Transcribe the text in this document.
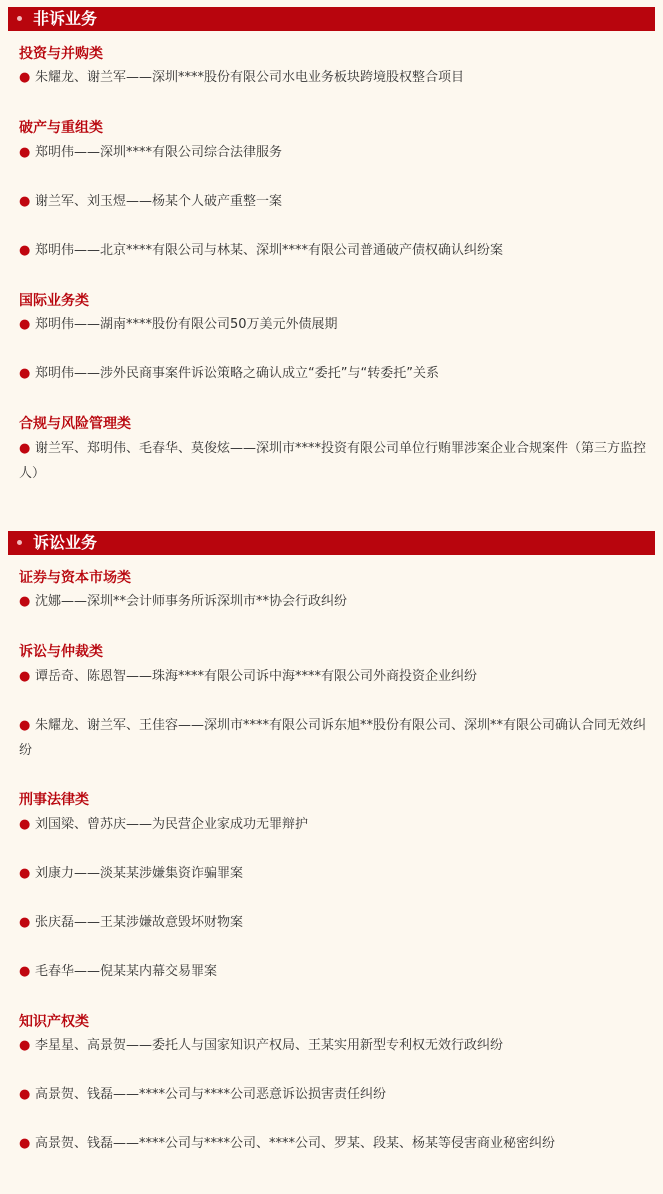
非诉业务
投资与并购类
● 朱耀龙、谢兰军——深圳****股份有限公司水电业务板块跨境股权整合项目
破产与重组类
● 郑明伟——深圳****有限公司综合法律服务
● 谢兰军、刘玉煜——杨某个人破产重整一案
● 郑明伟——北京****有限公司与林某、深圳****有限公司普通破产债权确认纠纷案
国际业务类
● 郑明伟——湖南****股份有限公司50万美元外债展期
● 郑明伟——涉外民商事案件诉讼策略之确认成立“委托”与“转委托”关系
合规与风险管理类
● 谢兰军、郑明伟、毛春华、莫俊炫——深圳市****投资有限公司单位行贿罪涉案企业合规案件（第三方监控人）
诉讼业务
证券与资本市场类
● 沈娜——深圳**会计师事务所诉深圳市**协会行政纠纷
诉讼与仲裁类
● 谭岳奇、陈恩智——珠海****有限公司诉中海****有限公司外商投资企业纠纷
● 朱耀龙、谢兰军、王佳容——深圳市****有限公司诉东旭**股份有限公司、深圳**有限公司确认合同无效纠纷
刑事法律类
● 刘国梁、曾苏庆——为民营企业家成功无罪辩护
● 刘康力——淡某某涉嫌集资诈骗罪案
● 张庆磊——王某涉嫌故意毁坏财物案
● 毛春华——倪某某内幕交易罪案
知识产权类
● 李星星、高景贺——委托人与国家知识产权局、王某实用新型专利权无效行政纠纷
● 高景贺、钱磊——****公司与****公司恶意诉讼损害责任纠纷
● 高景贺、钱磊——****公司与****公司、****公司、罗某、段某、杨某等侵害商业秘密纠纷
